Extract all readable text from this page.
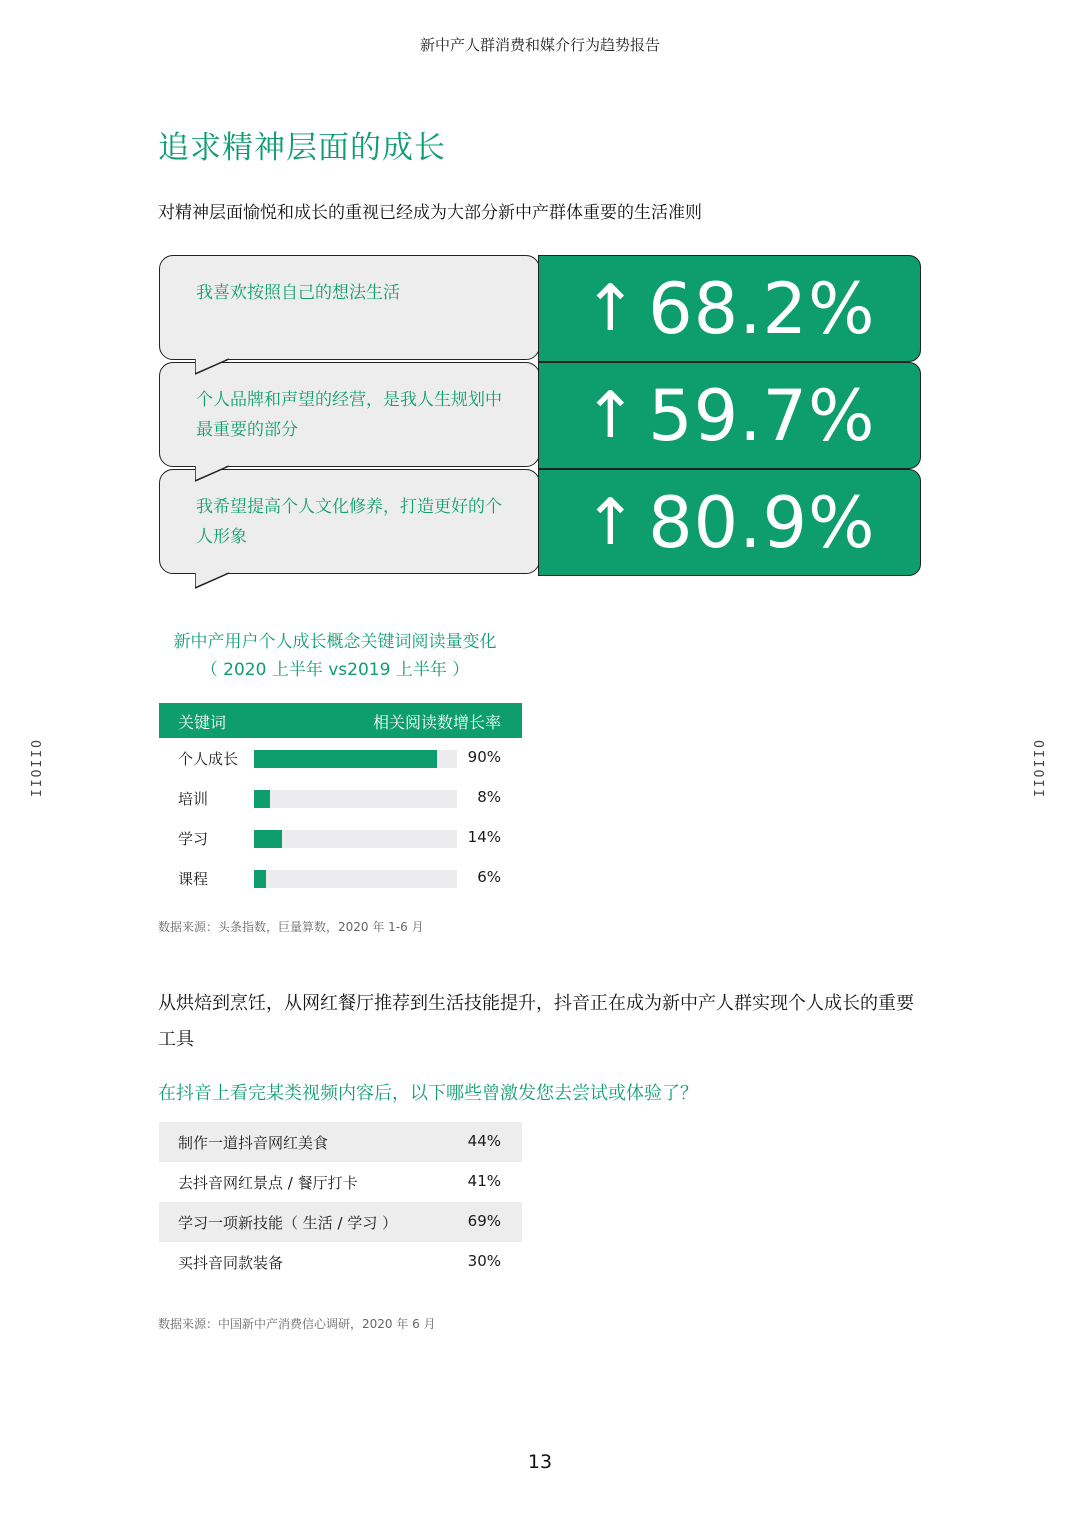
新中产人群消费和媒介行为趋势报告
追求精神层面的成长
对精神层面愉悦和成长的重视已经成为大部分新中产群体重要的生活准则
我喜欢按照自己的想法生活	↑ 68.2%
个人品牌和声望的经营，是我人生规划中最重要的部分	↑ 59.7%
我希望提高个人文化修养，打造更好的个人形象	↑ 80.9%
新中产用户个人成长概念关键词阅读量变化
（ 2020 上半年 vs2019 上半年 ）
关键词	相关阅读数增长率
个人成长	90%
培训	8%
学习	14%
课程	6%
数据来源：头条指数，巨量算数，2020 年 1-6 月
从烘焙到烹饪，从网红餐厅推荐到生活技能提升，抖音正在成为新中产人群实现个人成长的重要工具
在抖音上看完某类视频内容后，以下哪些曾激发您去尝试或体验了？
制作一道抖音网红美食	44%
去抖音网红景点 / 餐厅打卡	41%
学习一项新技能（ 生活 / 学习 ）	69%
买抖音同款装备	30%
数据来源：中国新中产消费信心调研，2020 年 6 月
13
IIOIIO	IIOIIO
